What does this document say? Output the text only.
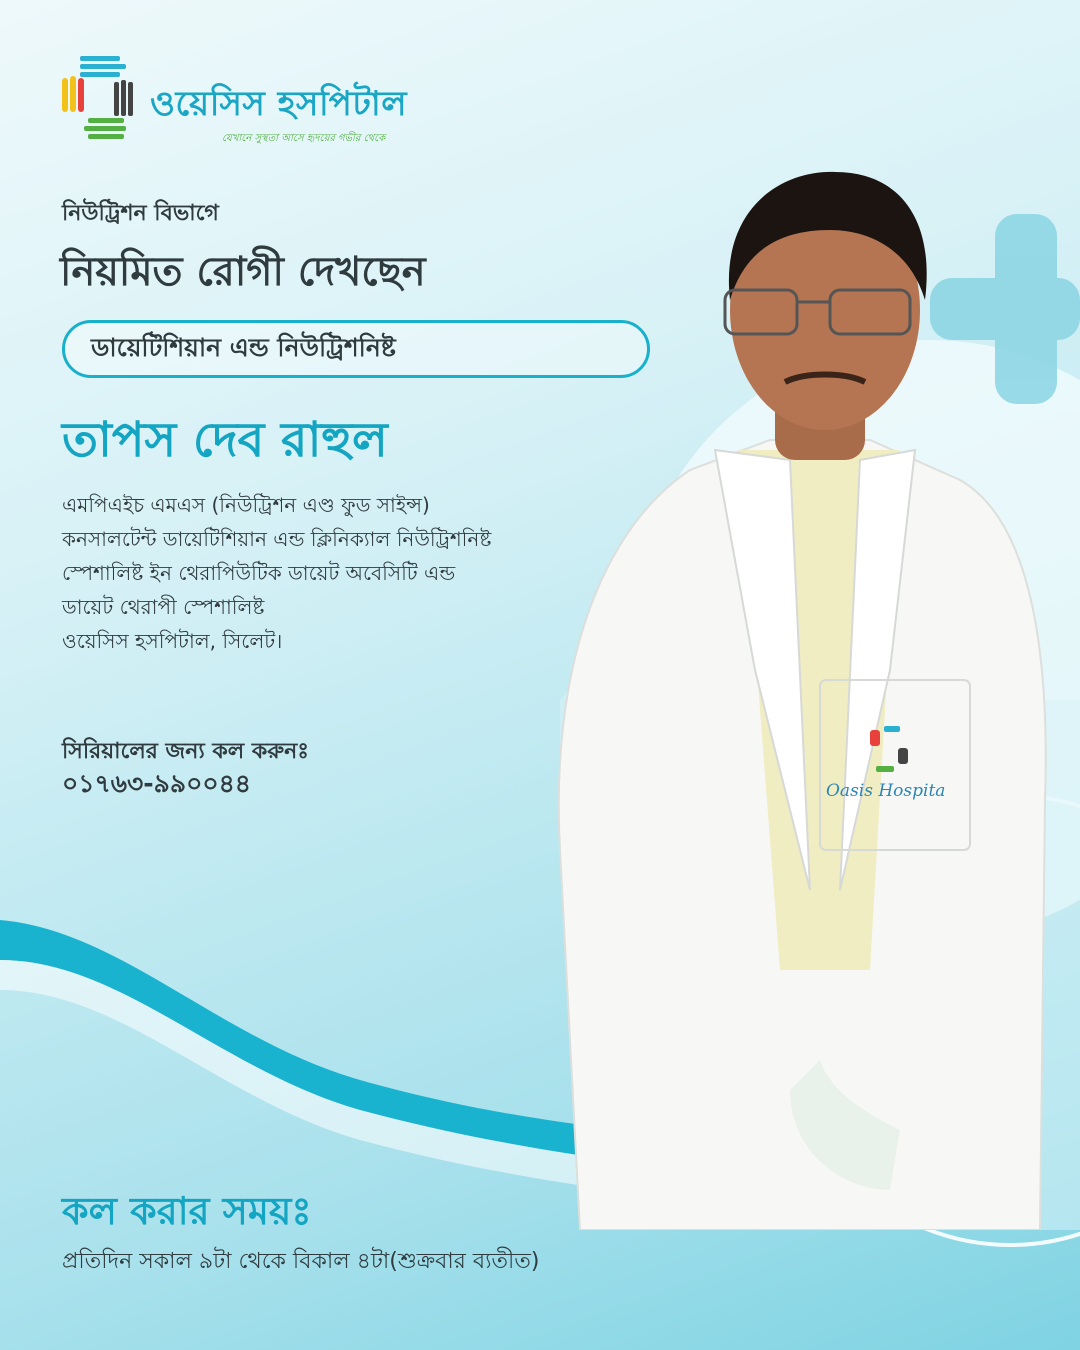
ওয়েসিস হসপিটাল
যেখানে সুস্থতা আসে হৃদয়ের গভীর থেকে
নিউট্রিশন বিভাগে
নিয়মিত রোগী দেখছেন
ডায়েটিশিয়ান এন্ড নিউট্রিশনিষ্ট
তাপস দেব রাহুল
এমপিএইচ এমএস (নিউট্রিশন এণ্ড ফুড সাইন্স)
কনসালটেন্ট ডায়েটিশিয়ান এন্ড ক্লিনিক্যাল নিউট্রিশনিষ্ট
স্পেশালিষ্ট ইন থেরাপিউটিক ডায়েট অবেসিটি এন্ড
ডায়েট থেরাপী স্পেশালিষ্ট
ওয়েসিস হসপিটাল, সিলেট।
সিরিয়ালের জন্য কল করুনঃ
০১৭৬৩-৯৯০০৪৪
কল করার সময়ঃ
প্রতিদিন সকাল ৯টা থেকে বিকাল ৪টা(শুক্রবার ব্যতীত)
Oasis Hospita
